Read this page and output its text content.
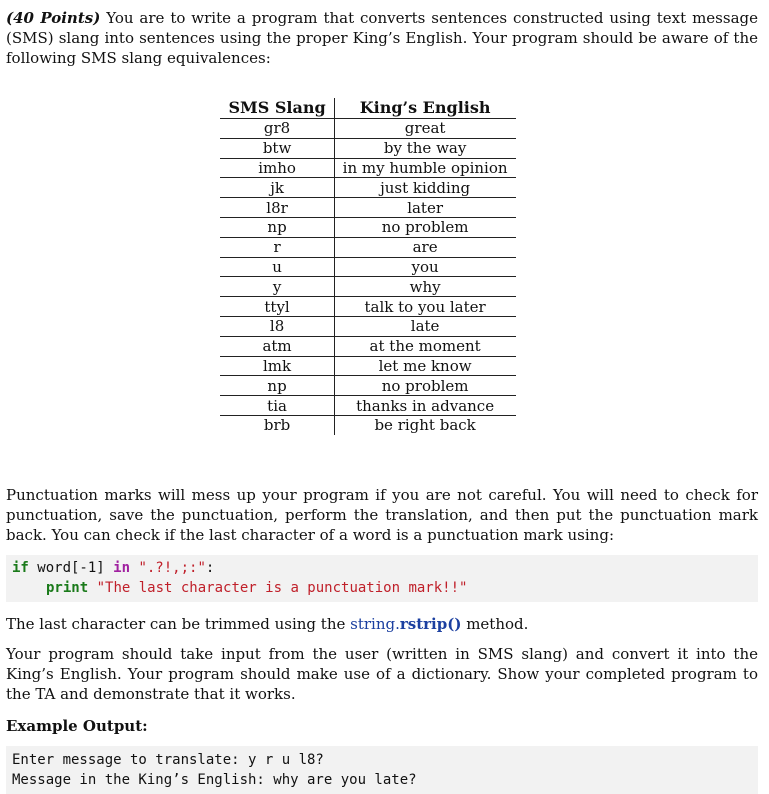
(40 Points) You are to write a program that converts sentences constructed using text message (SMS) slang into sentences using the proper King’s English. Your program should be aware of the following SMS slang equivalences:

SMS Slang	King’s English
gr8	great
btw	by the way
imho	in my humble opinion
jk	just kidding
l8r	later
np	no problem
r	are
u	you
y	why
ttyl	talk to you later
l8	late
atm	at the moment
lmk	let me know
np	no problem
tia	thanks in advance
brb	be right back

Punctuation marks will mess up your program if you are not careful. You will need to check for punctuation, save the punctuation, perform the translation, and then put the punctuation mark back. You can check if the last character of a word is a punctuation mark using:

if word[-1] in ".?!,;:":
print "The last character is a punctuation mark!!"

The last character can be trimmed using the string.rstrip() method.

Your program should take input from the user (written in SMS slang) and convert it into the King’s English. Your program should make use of a dictionary. Show your completed program to the TA and demonstrate that it works.

Example Output:
Enter message to translate: y r u l8?
Message in the King’s English: why are you late?
